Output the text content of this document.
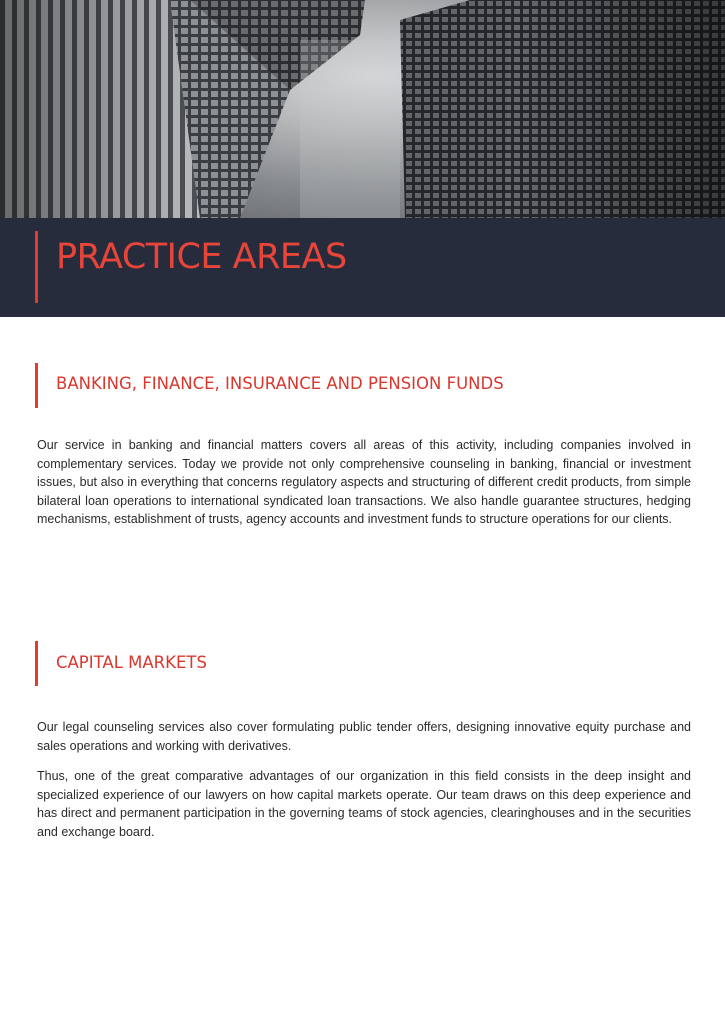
PRACTICE AREAS
BANKING, FINANCE, INSURANCE AND PENSION FUNDS

Our service in banking and financial matters covers all areas of this activity, including companies involved in complementary services. Today we provide not only comprehensive counseling in banking, financial or investment issues, but also in everything that concerns regulatory aspects and structuring of different credit products, from simple bilateral loan operations to international syndicated loan transactions. We also handle guarantee structures, hedging mechanisms, establishment of trusts, agency accounts and investment funds to structure operations for our clients.

CAPITAL MARKETS

Our legal counseling services also cover formulating public tender offers, designing innovative equity purchase and sales operations and working with derivatives.

Thus, one of the great comparative advantages of our organization in this field consists in the deep insight and specialized experience of our lawyers on how capital markets operate. Our team draws on this deep experience and has direct and permanent participation in the governing teams of stock agencies, clearinghouses and in the securities and exchange board.
